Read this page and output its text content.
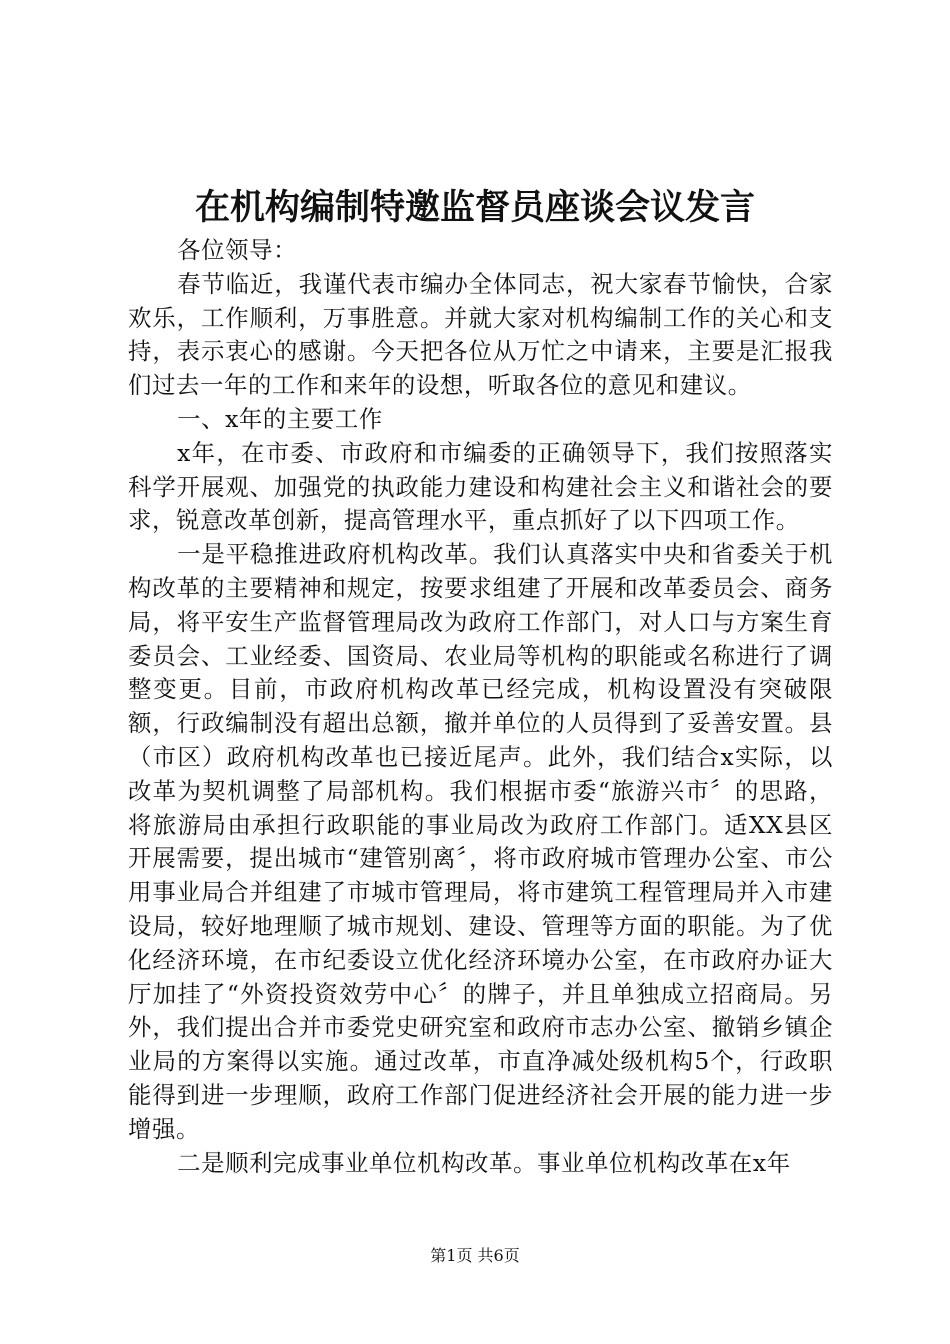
在机构编制特邀监督员座谈会议发言

各位领导：

春节临近，我谨代表市编办全体同志，祝大家春节愉快，合家欢乐，工作顺利，万事胜意。并就大家对机构编制工作的关心和支持，表示衷心的感谢。今天把各位从万忙之中请来，主要是汇报我们过去一年的工作和来年的设想，听取各位的意见和建议。

一、x年的主要工作

x年，在市委、市政府和市编委的正确领导下，我们按照落实科学开展观、加强党的执政能力建设和构建社会主义和谐社会的要求，锐意改革创新，提高管理水平，重点抓好了以下四项工作。

一是平稳推进政府机构改革。我们认真落实中央和省委关于机构改革的主要精神和规定，按要求组建了开展和改革委员会、商务局，将平安生产监督管理局改为政府工作部门，对人口与方案生育委员会、工业经委、国资局、农业局等机构的职能或名称进行了调整变更。目前，市政府机构改革已经完成，机构设置没有突破限额，行政编制没有超出总额，撤并单位的人员得到了妥善安置。县（市区）政府机构改革也已接近尾声。此外，我们结合x实际，以改革为契机调整了局部机构。我们根据市委“旅游兴市〞的思路，将旅游局由承担行政职能的事业局改为政府工作部门。适XX县区开展需要，提出城市“建管别离〞，将市政府城市管理办公室、市公用事业局合并组建了市城市管理局，将市建筑工程管理局并入市建设局，较好地理顺了城市规划、建设、管理等方面的职能。为了优化经济环境，在市纪委设立优化经济环境办公室，在市政府办证大厅加挂了“外资投资效劳中心〞的牌子，并且单独成立招商局。另外，我们提出合并市委党史研究室和政府市志办公室、撤销乡镇企业局的方案得以实施。通过改革，市直净减处级机构5个，行政职能得到进一步理顺，政府工作部门促进经济社会开展的能力进一步增强。

二是顺利完成事业单位机构改革。事业单位机构改革在x年

第1页 共6页
